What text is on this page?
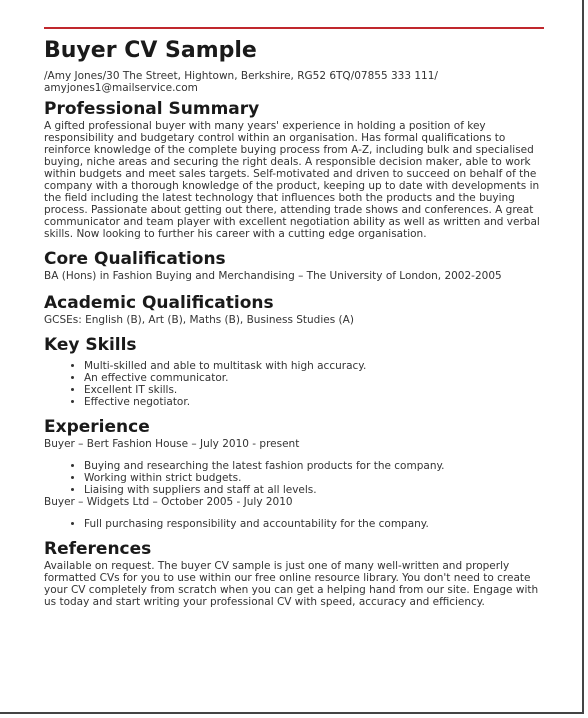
Buyer CV Sample
/Amy Jones/30 The Street, Hightown, Berkshire, RG52 6TQ/07855 333 111/ amyjones1@mailservice.com
Professional Summary

A gifted professional buyer with many years' experience in holding a position of key responsibility and budgetary control within an organisation. Has formal qualifications to reinforce knowledge of the complete buying process from A-Z, including bulk and specialised buying, niche areas and securing the right deals. A responsible decision maker, able to work within budgets and meet sales targets. Self-motivated and driven to succeed on behalf of the company with a thorough knowledge of the product, keeping up to date with developments in the field including the latest technology that influences both the products and the buying process. Passionate about getting out there, attending trade shows and conferences. A great communicator and team player with excellent negotiation ability as well as written and verbal skills. Now looking to further his career with a cutting edge organisation.

Core Qualifications

BA (Hons) in Fashion Buying and Merchandising – The University of London, 2002-2005

Academic Qualifications

GCSEs: English (B), Art (B), Maths (B), Business Studies (A)

Key Skills
• Multi-skilled and able to multitask with high accuracy.
• An effective communicator.
• Excellent IT skills.
• Effective negotiator.
Experience

Buyer – Bert Fashion House – July 2010 - present

• Buying and researching the latest fashion products for the company.
• Working within strict budgets.
• Liaising with suppliers and staff at all levels.

Buyer – Widgets Ltd – October 2005 - July 2010

• Full purchasing responsibility and accountability for the company.
References

Available on request. The buyer CV sample is just one of many well-written and properly formatted CVs for you to use within our free online resource library. You don't need to create your CV completely from scratch when you can get a helping hand from our site. Engage with us today and start writing your professional CV with speed, accuracy and efficiency.
